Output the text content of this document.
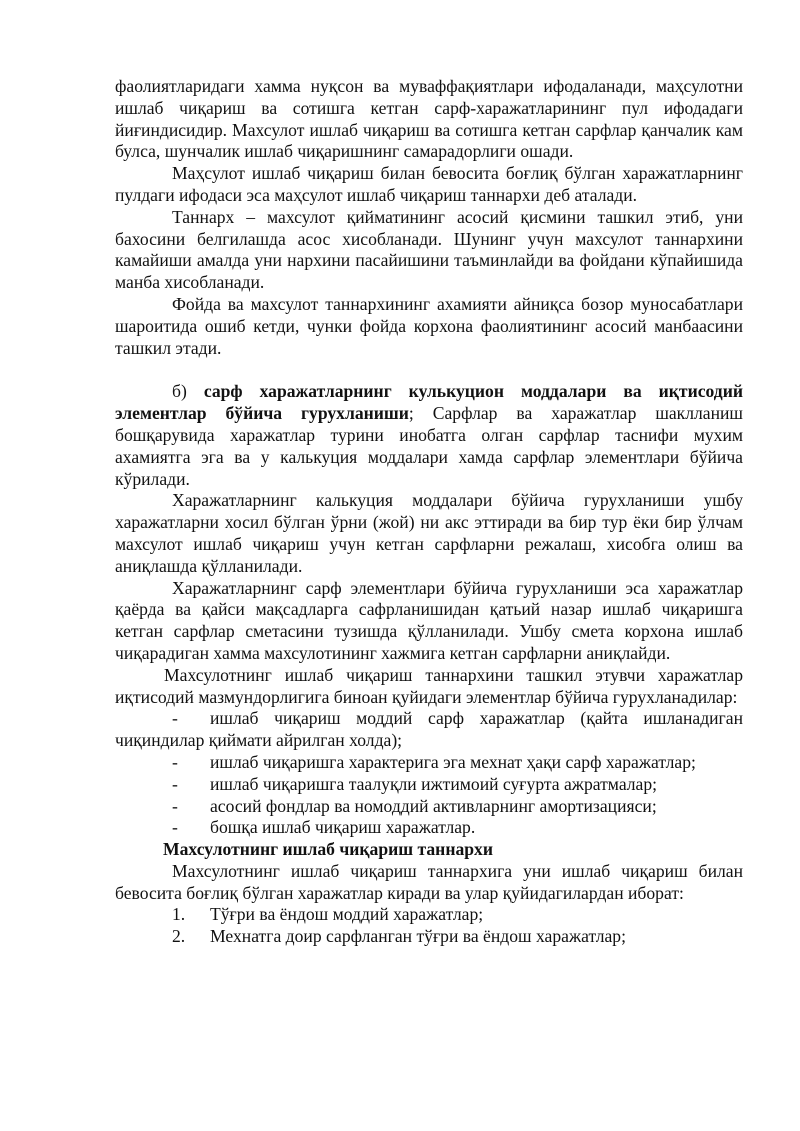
фаолиятларидаги хамма нуқсон ва муваффақиятлари ифодаланади, маҳсулотни ишлаб чиқариш ва сотишга кетган сарф-харажатларининг пул ифодадаги йиғиндисидир. Махсулот ишлаб чиқариш ва сотишга кетган сарфлар қанчалик кам булса, шунчалик ишлаб чиқаришнинг самарадорлиги ошади.

Маҳсулот ишлаб чиқариш билан бевосита боғлиқ бўлган харажатларнинг пулдаги ифодаси эса маҳсулот ишлаб чиқариш таннархи деб аталади.

Таннарх – махсулот қийматининг асосий қисмини ташкил этиб, уни бахосини белгилашда асос хисобланади. Шунинг учун махсулот таннархини камайиши амалда уни нархини пасайишини таъминлайди ва фойдани кўпайишида манба хисобланади.

Фойда ва махсулот таннархининг ахамияти айниқса бозор муносабатлари шароитида ошиб кетди, чунки фойда корхона фаолиятининг асосий манбаасини ташкил этади.

б) сарф харажатларнинг кулькуцион моддалари ва иқтисодий элементлар бўйича гурухланиши; Сарфлар ва харажатлар шаклланиш бошқарувида харажатлар турини инобатга олган сарфлар таснифи мухим ахамиятга эга ва у калькуция моддалари хамда сарфлар элементлари бўйича кўрилади.

Харажатларнинг калькуция моддалари бўйича гурухланиши ушбу харажатларни хосил бўлган ўрни (жой) ни акс эттиради ва бир тур ёки бир ўлчам махсулот ишлаб чиқариш учун кетган сарфларни режалаш, хисобга олиш ва аниқлашда қўлланилади.

Харажатларнинг сарф элементлари бўйича гурухланиши эса харажатлар қаёрда ва қайси мақсадларга сафрланишидан қатьий назар ишлаб чиқаришга кетган сарфлар сметасини тузишда қўлланилади. Ушбу смета корхона ишлаб чиқарадиган хамма махсулотининг хажмига кетган сарфларни аниқлайди.

Махсулотнинг ишлаб чиқариш таннархини ташкил этувчи харажатлар иқтисодий мазмундорлигига биноан қуйидаги элементлар бўйича гурухланадилар:

- ишлаб чиқариш моддий сарф харажатлар (қайта ишланадиган чиқиндилар қиймати айрилган холда);

- ишлаб чиқаришга характерига эга мехнат ҳақи сарф харажатлар;

- ишлаб чиқаришга таалуқли ижтимоий суғурта ажратмалар;

- асосий фондлар ва номоддий активларнинг амортизацияси;

- бошқа ишлаб чиқариш харажатлар.

Махсулотнинг ишлаб чиқариш таннархи

Махсулотнинг ишлаб чиқариш таннархига уни ишлаб чиқариш билан бевосита боғлиқ бўлган харажатлар киради ва улар қуйидагилардан иборат:

1.	Тўғри ва ёндош моддий харажатлар;
2.	Мехнатга доир сарфланган тўғри ва ёндош харажатлар;
